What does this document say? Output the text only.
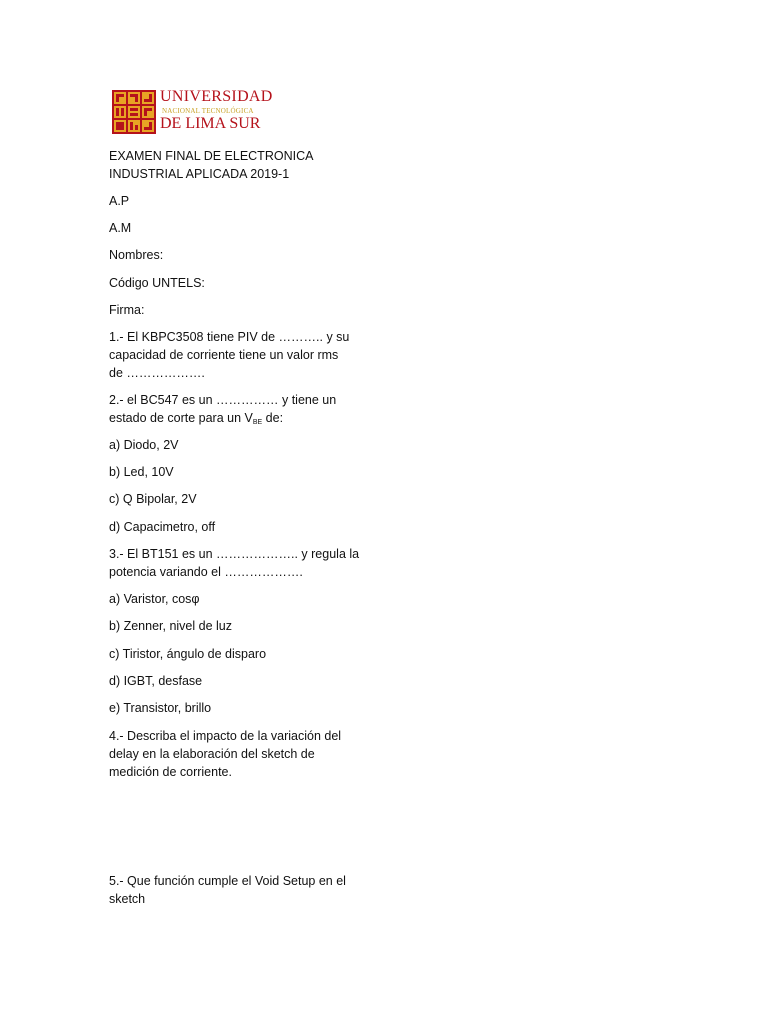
UNIVERSIDAD
NACIONAL TECNOLÓGICA
DE LIMA SUR
EXAMEN FINAL DE ELECTRONICA
INDUSTRIAL APLICADA 2019-1
A.P
A.M
Nombres:
Código UNTELS:
Firma:
1.- El KBPC3508 tiene PIV de ……….. y su
capacidad de corriente tiene un valor rms
de ……………….
2.- el BC547 es un …………… y tiene un
estado de corte para un $V_{BE}$ de:
a) Diodo, 2V
b) Led, 10V
c) Q Bipolar, 2V
d) Capacimetro, off
3.- El BT151 es un ……………….. y regula la
potencia variando el ……………….
a) Varistor, cosφ
b) Zenner, nivel de luz
c) Tiristor, ángulo de disparo
d) IGBT, desfase
e) Transistor, brillo
4.- Describa el impacto de la variación del
delay en la elaboración del sketch de
medición de corriente.
5.- Que función cumple el Void Setup en el
sketch
